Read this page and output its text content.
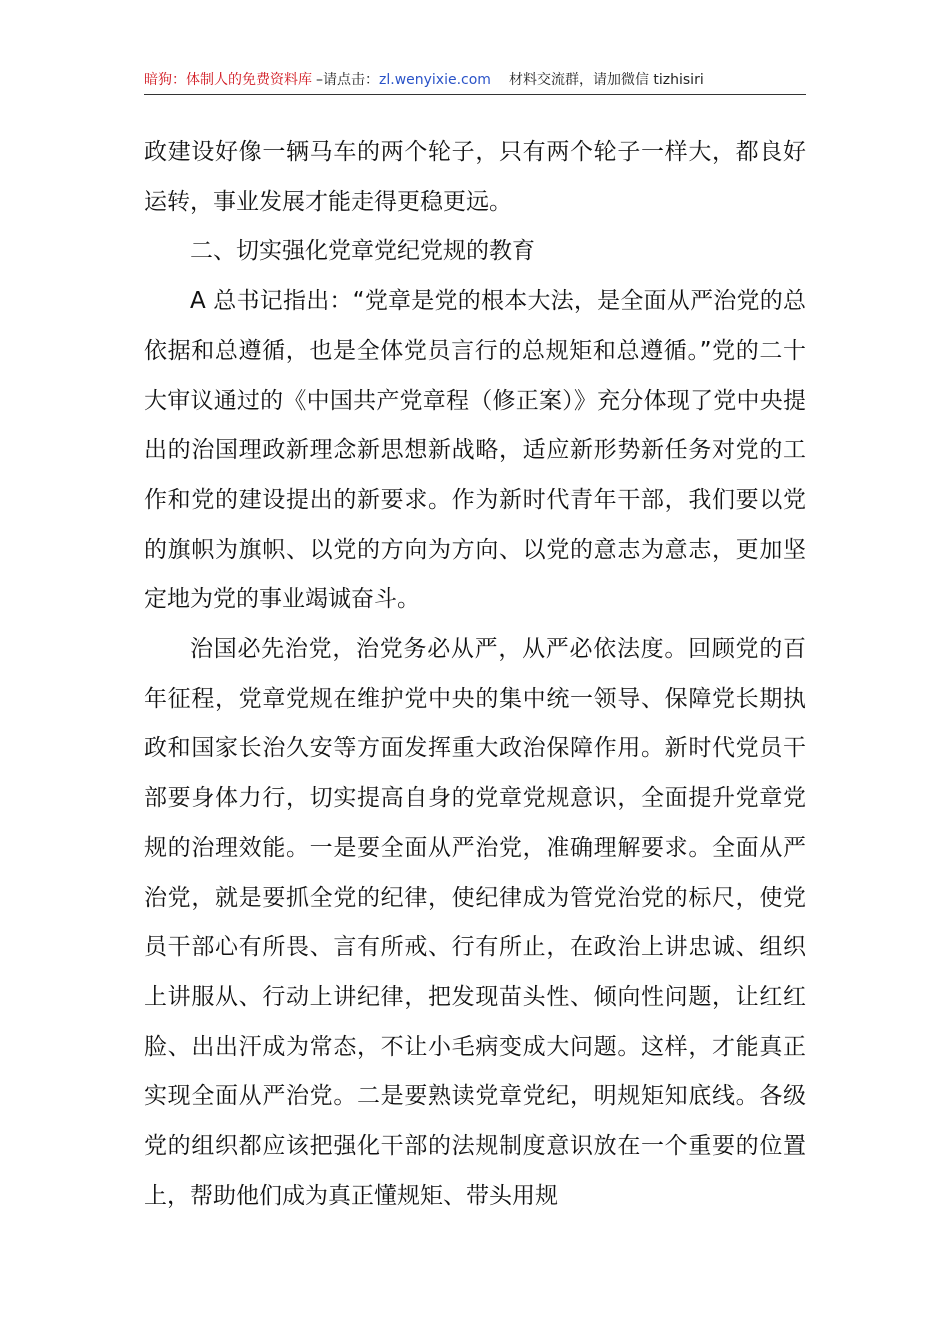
暗狗：体制人的免费资料库 –请点击：zl.wenyixie.com 材料交流群，请加微信 tizhisiri

政建设好像一辆马车的两个轮子，只有两个轮子一样大，都良好运转，事业发展才能走得更稳更远。

二、切实强化党章党纪党规的教育

A 总书记指出：“党章是党的根本大法，是全面从严治党的总依据和总遵循，也是全体党员言行的总规矩和总遵循。”党的二十大审议通过的《中国共产党章程（修正案）》充分体现了党中央提出的治国理政新理念新思想新战略，适应新形势新任务对党的工作和党的建设提出的新要求。作为新时代青年干部，我们要以党的旗帜为旗帜、以党的方向为方向、以党的意志为意志，更加坚定地为党的事业竭诚奋斗。

治国必先治党，治党务必从严，从严必依法度。回顾党的百年征程，党章党规在维护党中央的集中统一领导、保障党长期执政和国家长治久安等方面发挥重大政治保障作用。新时代党员干部要身体力行，切实提高自身的党章党规意识，全面提升党章党规的治理效能。一是要全面从严治党，准确理解要求。全面从严治党，就是要抓全党的纪律，使纪律成为管党治党的标尺，使党员干部心有所畏、言有所戒、行有所止，在政治上讲忠诚、组织上讲服从、行动上讲纪律，把发现苗头性、倾向性问题，让红红脸、出出汗成为常态，不让小毛病变成大问题。这样，才能真正实现全面从严治党。二是要熟读党章党纪，明规矩知底线。各级党的组织都应该把强化干部的法规制度意识放在一个重要的位置上，帮助他们成为真正懂规矩、带头用规
